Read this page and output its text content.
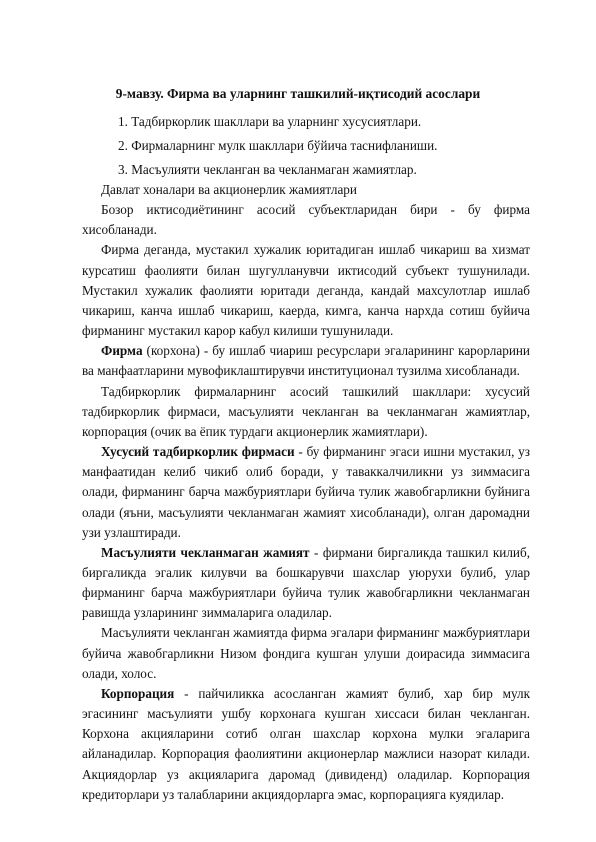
9-мавзу. Фирма ва уларнинг ташкилий-иқтисодий асослари
1. Тадбиркорлик шакллари ва уларнинг хусусиятлари.
2. Фирмаларнинг мулк шакллари бўйича таснифланиши.
3. Масъулияти чекланган ва чекланмаган жамиятлар.

Давлат хоналари ва акционерлик жамиятлари

Бозор иктисодиётининг асосий субъектларидан бири - бу фирма хисобланади.

Фирма деганда, мустакил хужалик юритадиган ишлаб чикариш ва хизмат курсатиш фаолияти билан шугулланувчи иктисодий субъект тушунилади. Мустакил хужалик фаолияти юритади деганда, кандай махсулотлар ишлаб чикариш, канча ишлаб чикариш, каерда, кимга, канча нархда сотиш буйича фирманинг мустакил карор кабул килиши тушунилади.

Фирма (корхона) - бу ишлаб чиариш ресурслари эгаларининг карорларини ва манфаатларини мувофиклаштирувчи институционал тузилма хисобланади.

Тадбиркорлик фирмаларнинг асосий ташкилий шакллари: хусусий тадбиркорлик фирмаси, масъулияти чекланган ва чекланмаган жамиятлар, корпорация (очик ва ёпик турдаги акционерлик жамиятлари).

Хусусий тадбиркорлик фирмаси - бу фирманинг эгаси ишни мустакил, уз манфаатидан келиб чикиб олиб боради, у таваккалчиликни уз зиммасига олади, фирманинг барча мажбуриятлари буйича тулик жавобгарликни буйнига олади (яъни, масъулияти чекланмаган жамият хисобланади), олган даромадни узи узлаштиради.

Масъулияти чекланмаган жамият - фирмани биргаликда ташкил килиб, биргаликда эгалик килувчи ва бошкарувчи шахслар уюрухи булиб, улар фирманинг барча мажбуриятлари буйича тулик жавобгарликни чекланмаган равишда узларининг зиммаларига оладилар.

Масъулияти чекланган жамиятда фирма эгалари фирманинг мажбуриятлари буйича жавобгарликни Низом фондига кушган улуши доирасида зиммасига олади, холос.

Корпорация - пайчиликка асосланган жамият булиб, хар бир мулк эгасининг масъулияти ушбу корхонага кушган хиссаси билан чекланган. Корхона акцияларини сотиб олган шахслар корхона мулки эгаларига айланадилар. Корпорация фаолиятини акционерлар мажлиси назорат килади. Акциядорлар уз акцияларига даромад (дивиденд) оладилар. Корпорация кредиторлари уз талабларини акциядорларга эмас, корпорацияга куядилар.
